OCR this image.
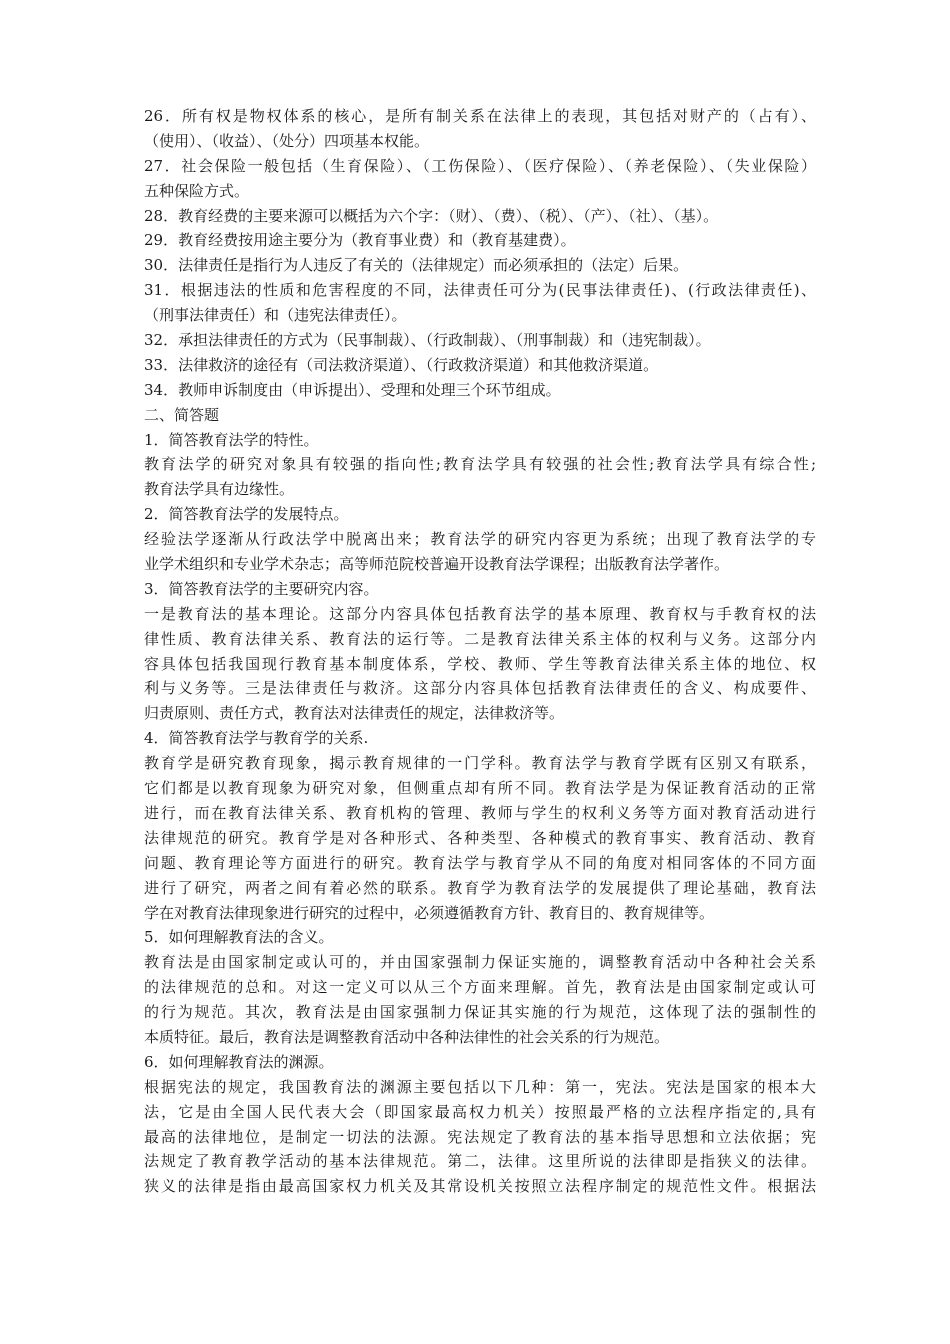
26．所有权是物权体系的核心，是所有制关系在法律上的表现，其包括对财产的（占有）、
（使用）、（收益）、（处分）四项基本权能。
27．社会保险一般包括（生育保险）、（工伤保险）、（医疗保险）、（养老保险）、（失业保险）
五种保险方式。
28．教育经费的主要来源可以概括为六个字：（财）、（费）、（税）、（产）、（社）、（基）。
29．教育经费按用途主要分为（教育事业费）和（教育基建费）。
30．法律责任是指行为人违反了有关的（法律规定）而必须承担的（法定）后果。
31．根据违法的性质和危害程度的不同，法律责任可分为(民事法律责任)、(行政法律责任)、
（刑事法律责任）和（违宪法律责任）。
32．承担法律责任的方式为（民事制裁）、（行政制裁）、（刑事制裁）和（违宪制裁）。
33．法律救济的途径有（司法救济渠道）、（行政救济渠道）和其他救济渠道。
34．教师申诉制度由（申诉提出）、受理和处理三个环节组成。
二、简答题
1．简答教育法学的特性。
教育法学的研究对象具有较强的指向性;教育法学具有较强的社会性;教育法学具有综合性;
教育法学具有边缘性。
2．简答教育法学的发展特点。
经验法学逐渐从行政法学中脱离出来；教育法学的研究内容更为系统；出现了教育法学的专
业学术组织和专业学术杂志；高等师范院校普遍开设教育法学课程；出版教育法学著作。
3．简答教育法学的主要研究内容。
一是教育法的基本理论。这部分内容具体包括教育法学的基本原理、教育权与手教育权的法
律性质、教育法律关系、教育法的运行等。二是教育法律关系主体的权利与义务。这部分内
容具体包括我国现行教育基本制度体系，学校、教师、学生等教育法律关系主体的地位、权
利与义务等。三是法律责任与救济。这部分内容具体包括教育法律责任的含义、构成要件、
归责原则、责任方式，教育法对法律责任的规定，法律救济等。
4．简答教育法学与教育学的关系.
教育学是研究教育现象，揭示教育规律的一门学科。教育法学与教育学既有区别又有联系，
它们都是以教育现象为研究对象，但侧重点却有所不同。教育法学是为保证教育活动的正常
进行，而在教育法律关系、教育机构的管理、教师与学生的权利义务等方面对教育活动进行
法律规范的研究。教育学是对各种形式、各种类型、各种模式的教育事实、教育活动、教育
问题、教育理论等方面进行的研究。教育法学与教育学从不同的角度对相同客体的不同方面
进行了研究，两者之间有着必然的联系。教育学为教育法学的发展提供了理论基础，教育法
学在对教育法律现象进行研究的过程中，必须遵循教育方针、教育目的、教育规律等。
5．如何理解教育法的含义。
教育法是由国家制定或认可的，并由国家强制力保证实施的，调整教育活动中各种社会关系
的法律规范的总和。对这一定义可以从三个方面来理解。首先，教育法是由国家制定或认可
的行为规范。其次，教育法是由国家强制力保证其实施的行为规范，这体现了法的强制性的
本质特征。最后，教育法是调整教育活动中各种法律性的社会关系的行为规范。
6．如何理解教育法的渊源。
根据宪法的规定，我国教育法的渊源主要包括以下几种：第一，宪法。宪法是国家的根本大
法，它是由全国人民代表大会（即国家最高权力机关）按照最严格的立法程序指定的,具有
最高的法律地位，是制定一切法的法源。宪法规定了教育法的基本指导思想和立法依据；宪
法规定了教育教学活动的基本法律规范。第二，法律。这里所说的法律即是指狭义的法律。
狭义的法律是指由最高国家权力机关及其常设机关按照立法程序制定的规范性文件。根据法
